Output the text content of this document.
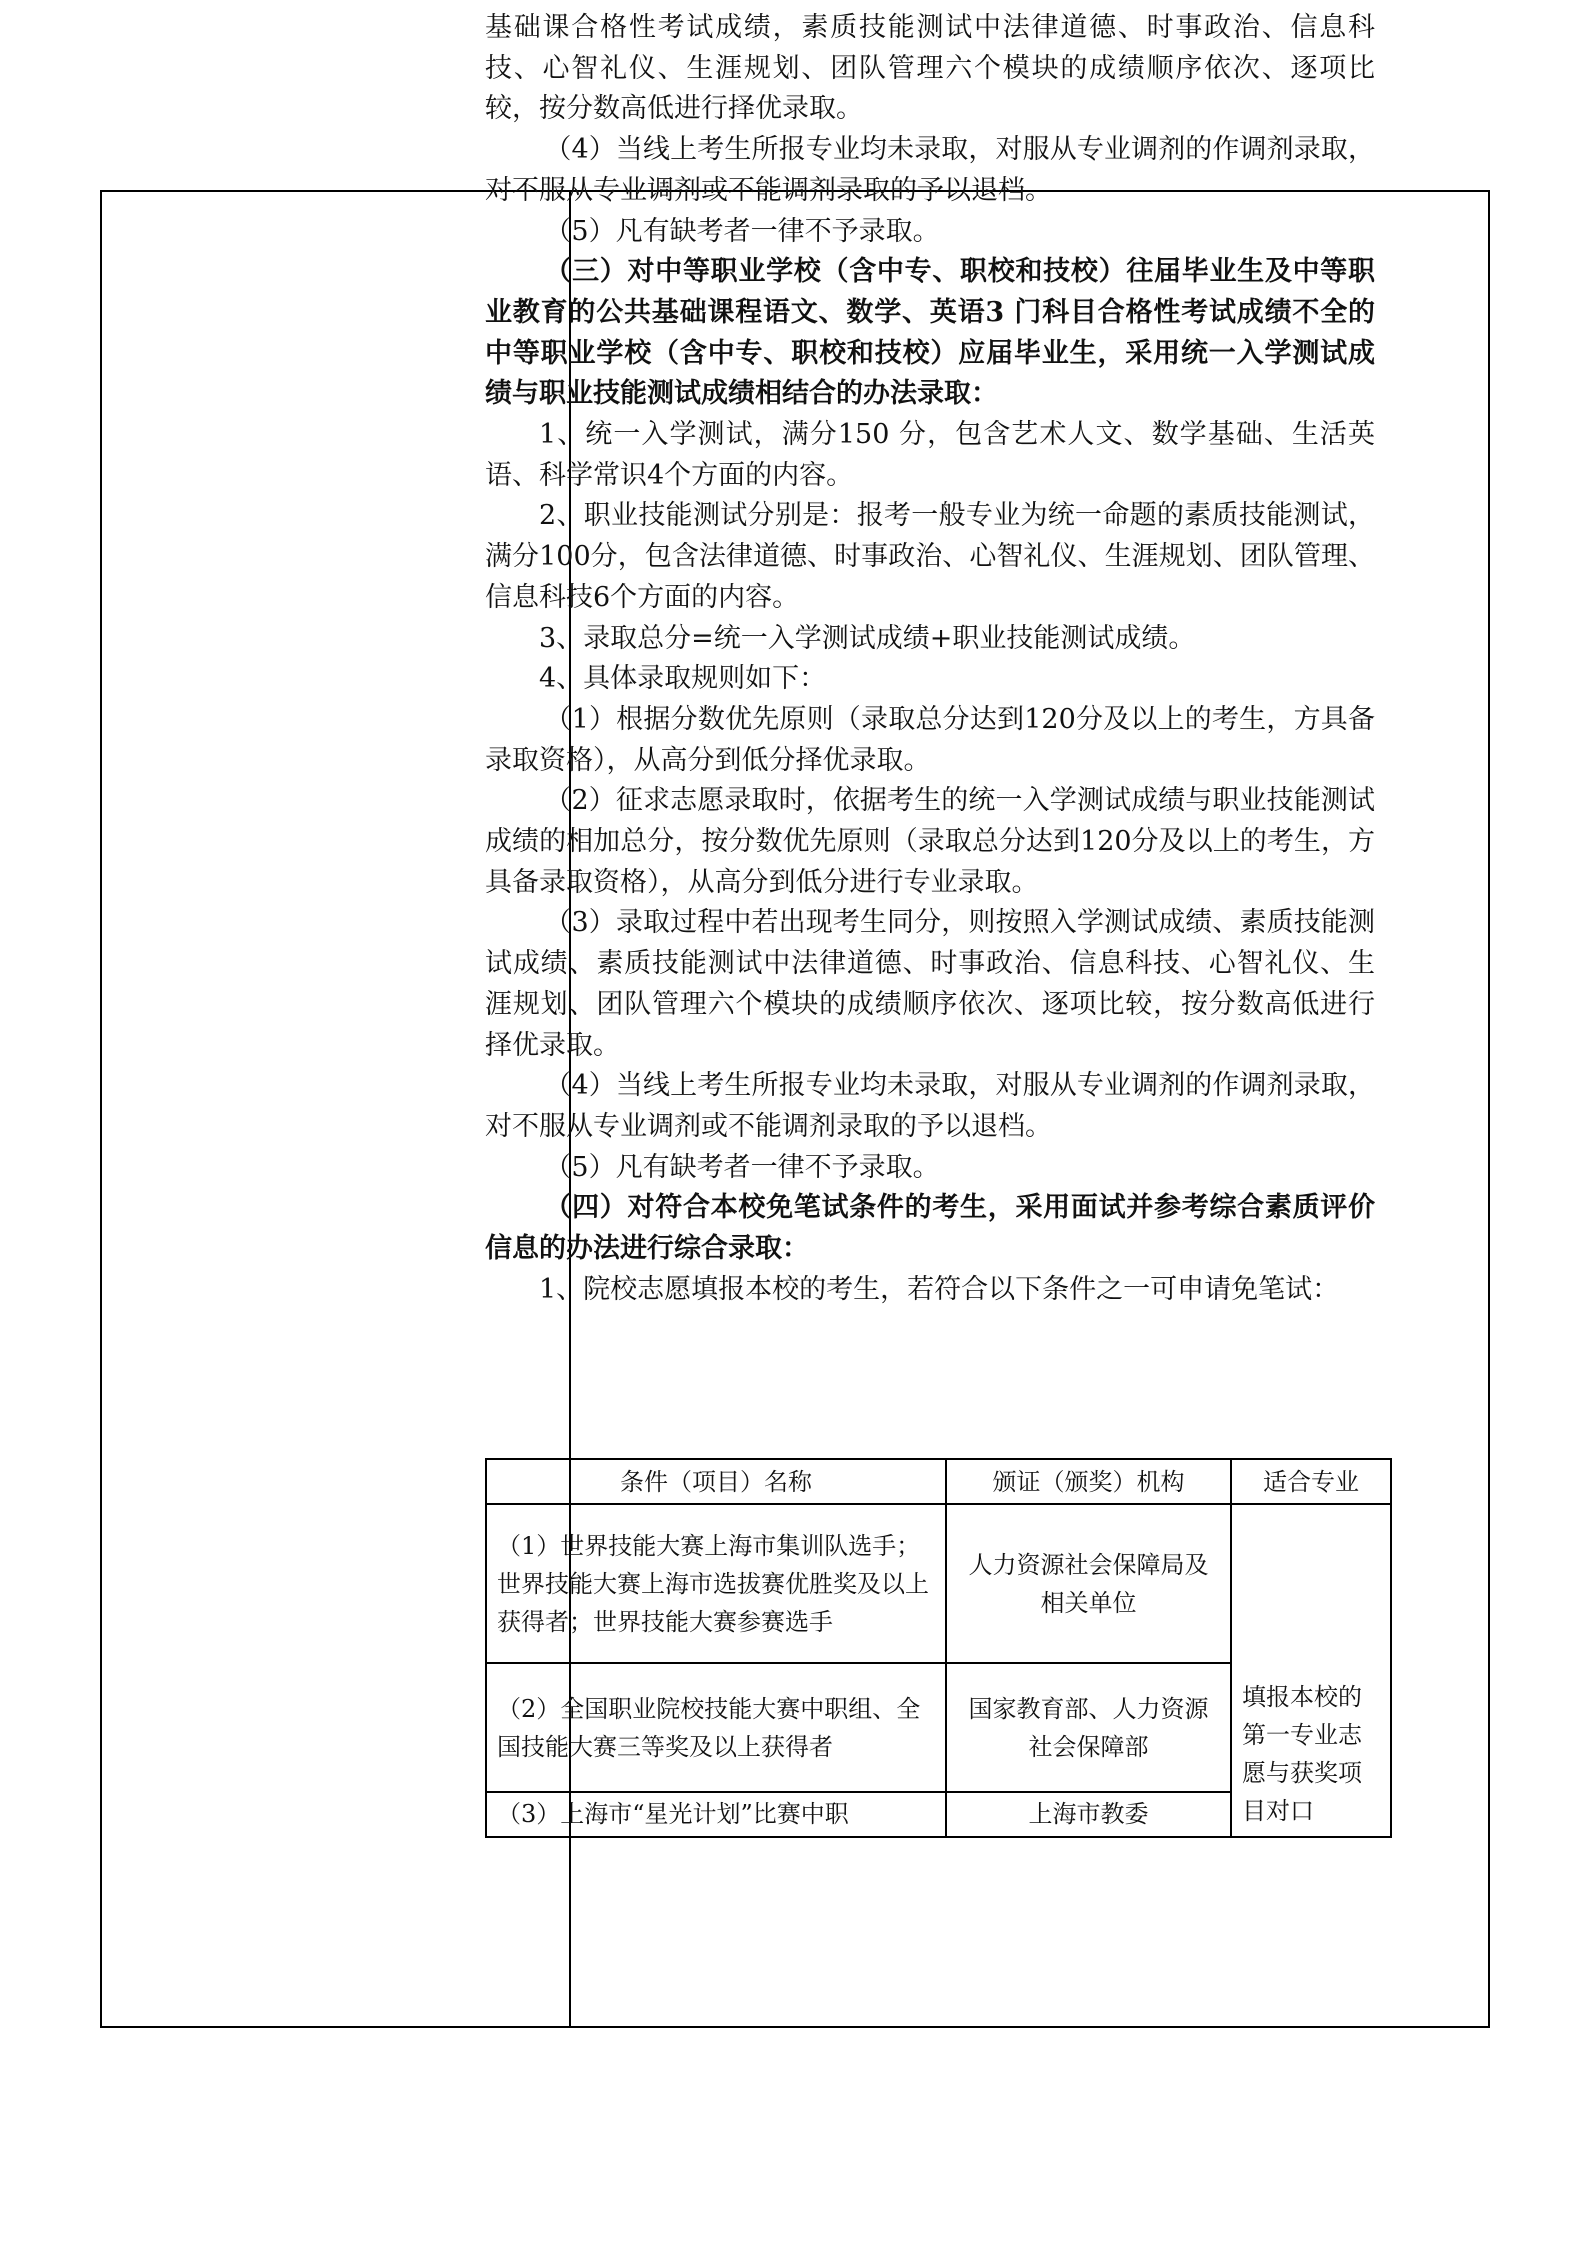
基础课合格性考试成绩，素质技能测试中法律道德、时事政治、信息科技、心智礼仪、生涯规划、团队管理六个模块的成绩顺序依次、逐项比较，按分数高低进行择优录取。

（4）当线上考生所报专业均未录取，对服从专业调剂的作调剂录取，对不服从专业调剂或不能调剂录取的予以退档。

（5）凡有缺考者一律不予录取。

（三）对中等职业学校（含中专、职校和技校）往届毕业生及中等职业教育的公共基础课程语文、数学、英语3 门科目合格性考试成绩不全的中等职业学校（含中专、职校和技校）应届毕业生，采用统一入学测试成绩与职业技能测试成绩相结合的办法录取：

1、统一入学测试，满分150 分，包含艺术人文、数学基础、生活英语、科学常识4个方面的内容。

2、职业技能测试分别是：报考一般专业为统一命题的素质技能测试，满分100分，包含法律道德、时事政治、心智礼仪、生涯规划、团队管理、信息科技6个方面的内容。

3、录取总分=统一入学测试成绩+职业技能测试成绩。

4、具体录取规则如下：

（1）根据分数优先原则（录取总分达到120分及以上的考生，方具备录取资格），从高分到低分择优录取。

（2）征求志愿录取时，依据考生的统一入学测试成绩与职业技能测试成绩的相加总分，按分数优先原则（录取总分达到120分及以上的考生，方具备录取资格），从高分到低分进行专业录取。

（3）录取过程中若出现考生同分，则按照入学测试成绩、素质技能测试成绩、素质技能测试中法律道德、时事政治、信息科技、心智礼仪、生涯规划、团队管理六个模块的成绩顺序依次、逐项比较，按分数高低进行择优录取。

（4）当线上考生所报专业均未录取，对服从专业调剂的作调剂录取，对不服从专业调剂或不能调剂录取的予以退档。

（5）凡有缺考者一律不予录取。

（四）对符合本校免笔试条件的考生，采用面试并参考综合素质评价信息的办法进行综合录取：

1、院校志愿填报本校的考生，若符合以下条件之一可申请免笔试：

条件（项目）名称	颁证（颁奖）机构	适合专业
（1）世界技能大赛上海市集训队选手；世界技能大赛上海市选拔赛优胜奖及以上获得者；世界技能大赛参赛选手	人力资源社会保障局及相关单位	填报本校的第一专业志愿与获奖项目对口
（2）全国职业院校技能大赛中职组、全国技能大赛三等奖及以上获得者	国家教育部、人力资源社会保障部	
（3）上海市“星光计划”比赛中职	上海市教委	
